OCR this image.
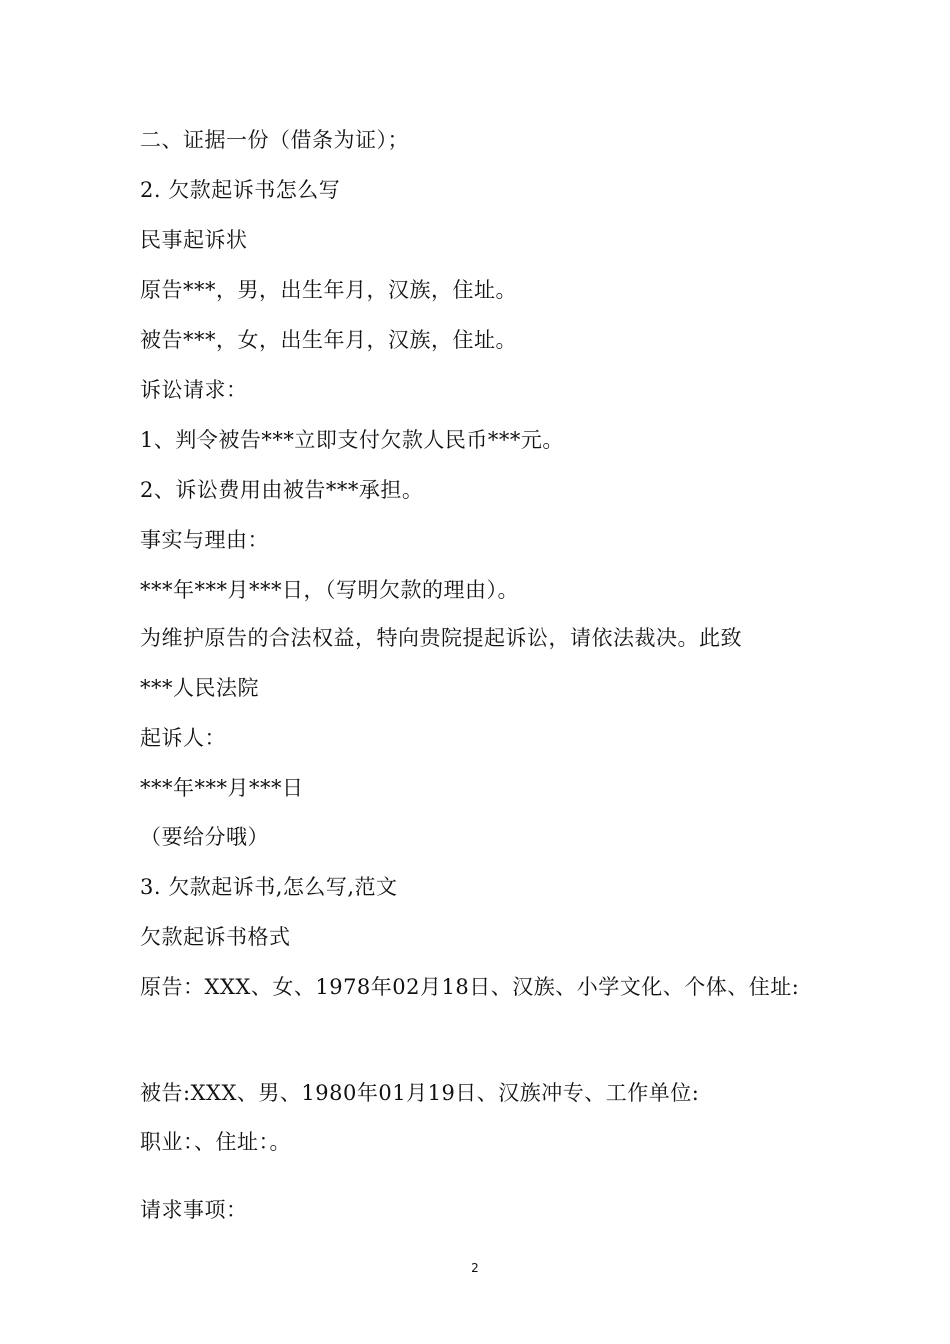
二、证据一份（借条为证）；
2. 欠款起诉书怎么写
民事起诉状
原告***，男，出生年月，汉族，住址。
被告***，女，出生年月，汉族，住址。
诉讼请求：
1、判令被告***立即支付欠款人民币***元。
2、诉讼费用由被告***承担。
事实与理由：
***年***月***日，（写明欠款的理由）。
为维护原告的合法权益，特向贵院提起诉讼，请依法裁决。此致
***人民法院
起诉人：
***年***月***日
（要给分哦）
3. 欠款起诉书,怎么写,范文
欠款起诉书格式
原告：XXX、女、1978年02月18日、汉族、小学文化、个体、住址:
被告:XXX、男、1980年01月19日、汉族冲专、工作单位:
职业：、住址：。
请求事项：
2
